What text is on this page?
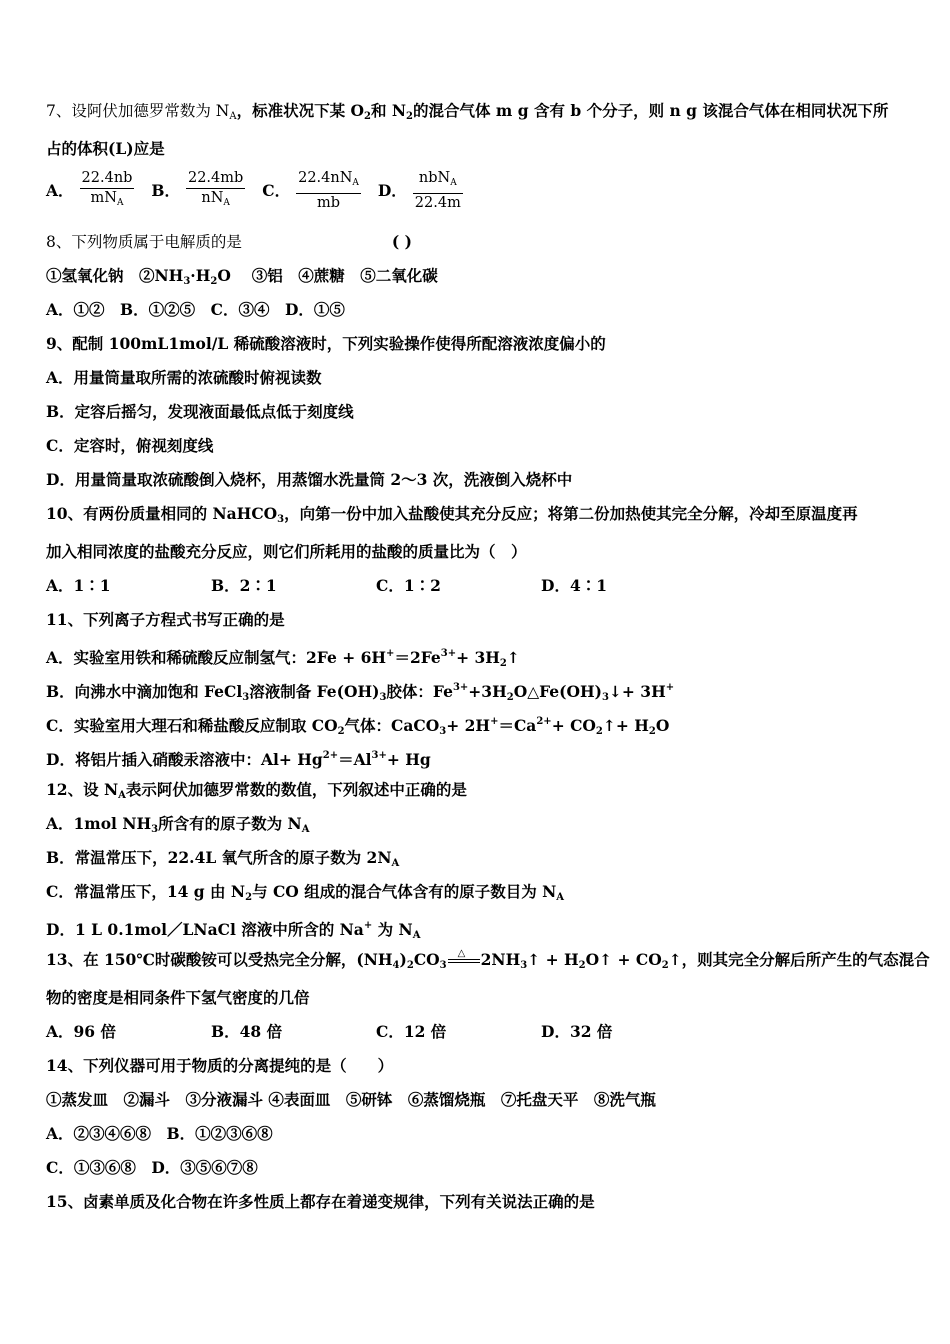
7、设阿伏加德罗常数为 $N_A$，标准状况下某 $O_2$和 $N_2$的混合气体 m g 含有 b 个分子，则 n g 该混合气体在相同状况下所
占的体积(L)应是
A． $\frac{22.4nb}{mN_A}$ B． $\frac{22.4mb}{nN_A}$ C． $\frac{22.4nN_A}{mb}$ D． $\frac{nbN_A}{22.4m}$
8、下列物质属于电解质的是	( )
①氢氧化钠　$②NH_3\cdot H_2O$　 ③铝　④蔗糖　⑤二氧化碳
A．①②　B．①②⑤　C．③④　D．①⑤
9、配制 100mL1mol/L 稀硫酸溶液时，下列实验操作使得所配溶液浓度偏小的
A．用量筒量取所需的浓硫酸时俯视读数
B．定容后摇匀，发现液面最低点低于刻度线
C．定容时，俯视刻度线
D．用量筒量取浓硫酸倒入烧杯，用蒸馏水洗量筒 2～3 次，洗液倒入烧杯中
10、有两份质量相同的 NaHCO$_3$，向第一份中加入盐酸使其充分反应；将第二份加热使其完全分解，冷却至原温度再
加入相同浓度的盐酸充分反应，则它们所耗用的盐酸的质量比为（　）
A．1∶1	B．2∶1	C．1∶2	D．4∶1
11、下列离子方程式书写正确的是
A．实验室用铁和稀硫酸反应制氢气：$2Fe + 6H^+=2Fe^{3+}+$ $3H_2↑$
B．向沸水中滴加饱和 FeCl$_3$溶液制备 $Fe(OH)_3$胶体：$Fe^{3+}+3H_2O\triangle Fe(OH)_3↓+ 3H^+$
C．实验室用大理石和稀盐酸反应制取 $CO_2$气体：CaCO$_3$+ $2H^+=Ca^{2+}+$ $CO_2↑+ H_2O$
D．将铝片插入硝酸汞溶液中：$Al+ Hg^{2+}=Al^{3+}+ Hg$
12、设 $N_A$表示阿伏加德罗常数的数值，下列叙述中正确的是
A．1mol $NH_3$所含有的原子数为 $N_A$
B．常温常压下，22.4L 氧气所含的原子数为 $2N_A$
C．常温常压下，14 g 由 $N_2$与 CO 组成的混合气体含有的原子数目为 $N_A$
D．1 L 0.1mol／LNaCl 溶液中所含的 Na+ 为 $N_A$
13、在 150℃时碳酸铵可以受热完全分解，$(NH_4)_2CO_3$
△ $2NH_3↑$ + $H_2O↑$ + $CO_2↑$，则其完全分解后所产生的气态混合
物的密度是相同条件下氢气密度的几倍
A．96 倍	B．48 倍	C．12 倍	D．32 倍
14、下列仪器可用于物质的分离提纯的是（　　）
①蒸发皿　②漏斗　③分液漏斗 ④表面皿　⑤研钵　⑥蒸馏烧瓶　⑦托盘天平　⑧洗气瓶
A．②③④⑥⑧　B．①②③⑥⑧
C．①③⑥⑧　D．③⑤⑥⑦⑧
15、卤素单质及化合物在许多性质上都存在着递变规律，下列有关说法正确的是
